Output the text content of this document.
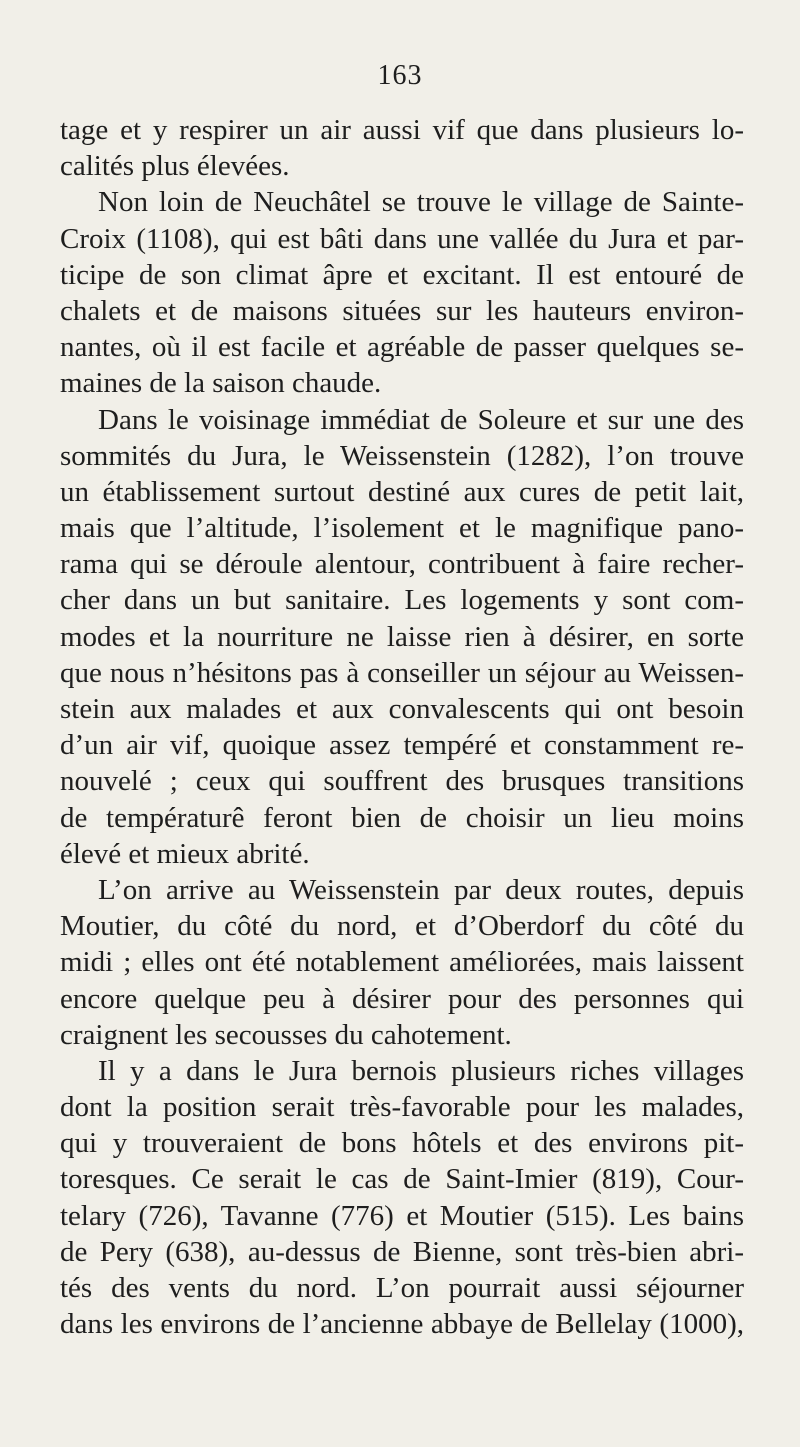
163
tage et y respirer un air aussi vif que dans plusieurs lo-
calités plus élevées.
Non loin de Neuchâtel se trouve le village de Sainte-
Croix (1108), qui est bâti dans une vallée du Jura et par-
ticipe de son climat âpre et excitant. Il est entouré de
chalets et de maisons situées sur les hauteurs environ-
nantes, où il est facile et agréable de passer quelques se-
maines de la saison chaude.
Dans le voisinage immédiat de Soleure et sur une des
sommités du Jura, le Weissenstein (1282), l’on trouve
un établissement surtout destiné aux cures de petit lait,
mais que l’altitude, l’isolement et le magnifique pano-
rama qui se déroule alentour, contribuent à faire recher-
cher dans un but sanitaire. Les logements y sont com-
modes et la nourriture ne laisse rien à désirer, en sorte
que nous n’hésitons pas à conseiller un séjour au Weissen-
stein aux malades et aux convalescents qui ont besoin
d’un air vif, quoique assez tempéré et constamment re-
nouvelé ; ceux qui souffrent des brusques transitions
de températurê feront bien de choisir un lieu moins
élevé et mieux abrité.
L’on arrive au Weissenstein par deux routes, depuis
Moutier, du côté du nord, et d’Oberdorf du côté du
midi ; elles ont été notablement améliorées, mais laissent
encore quelque peu à désirer pour des personnes qui
craignent les secousses du cahotement.
Il y a dans le Jura bernois plusieurs riches villages
dont la position serait très-favorable pour les malades,
qui y trouveraient de bons hôtels et des environs pit-
toresques. Ce serait le cas de Saint-Imier (819), Cour-
telary (726), Tavanne (776) et Moutier (515). Les bains
de Pery (638), au-dessus de Bienne, sont très-bien abri-
tés des vents du nord. L’on pourrait aussi séjourner
dans les environs de l’ancienne abbaye de Bellelay (1000),
